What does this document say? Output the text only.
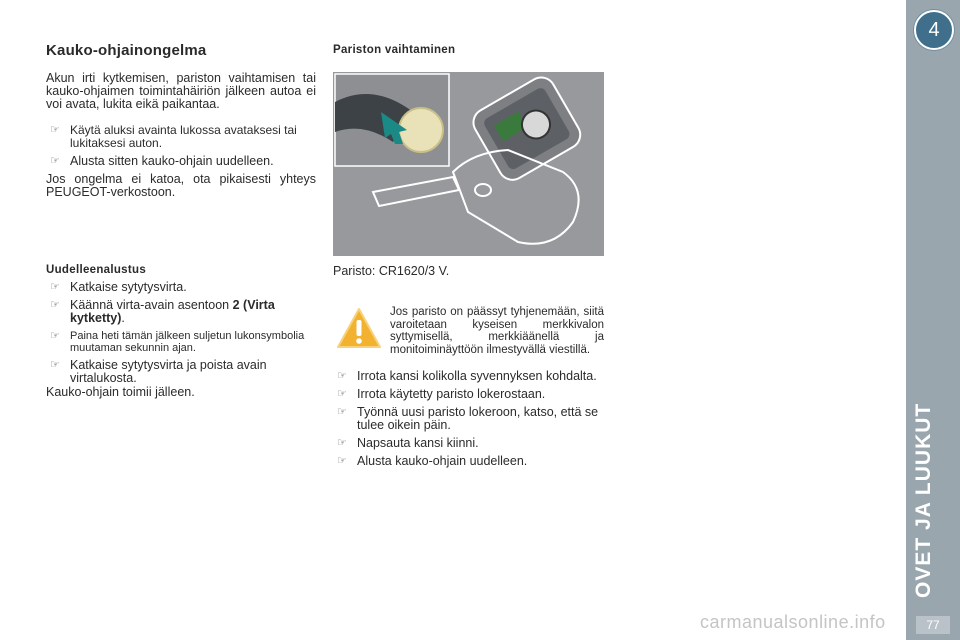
Kauko-ohjainongelma
Akun irti kytkemisen, pariston vaihtamisen tai kauko-ohjaimen toimintahäiriön jälkeen autoa ei voi avata, lukita eikä paikantaa.
☞ Käytä aluksi avainta lukossa avataksesi tai lukitaksesi auton.
☞ Alusta sitten kauko-ohjain uudelleen.
Jos ongelma ei katoa, ota pikaisesti yhteys PEUGEOT-verkostoon.
Uudelleenalustus
☞ Katkaise sytytysvirta.
☞ Käännä virta-avain asentoon 2 (Virta kytketty).
☞ Paina heti tämän jälkeen suljetun lukonsymbolia muutaman sekunnin ajan.
☞ Katkaise sytytysvirta ja poista avain virtalukosta.
Kauko-ohjain toimii jälleen.
Pariston vaihtaminen
Paristo: CR1620/3 V.
Jos paristo on päässyt tyhjenemään, siitä varoitetaan kyseisen merkkivalon syttymisellä, merkkiäänellä ja monitoiminäyttöön ilmestyvällä viestillä.
☞ Irrota kansi kolikolla syvennyksen kohdalta.
☞ Irrota käytetty paristo lokerostaan.
☞ Työnnä uusi paristo lokeroon, katso, että se tulee oikein päin.
☞ Napsauta kansi kiinni.
☞ Alusta kauko-ohjain uudelleen.
4
OVET JA LUUKUT
77
carmanualsonline.info
